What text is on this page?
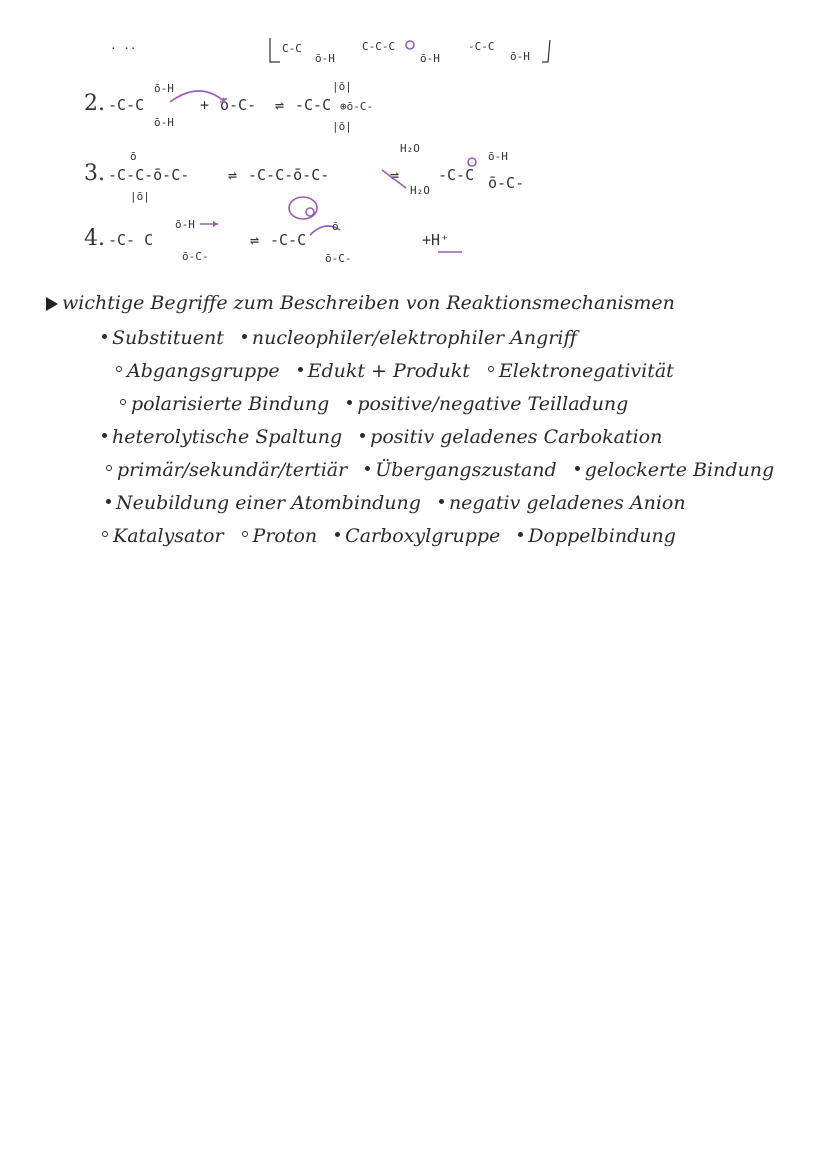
· ··	C-C
ō-H
C-C-C
ō-H
-C-C
ō-H
2. -C-C
ō-H
ō-H
+ ō-C- ⇌ -C-C ⊕ō-C-
|ō|
|ō|
3. -C-C-ō-C-
ō
|ō|
⇌ -C-C-ō-C-
H₂O
⇌
H₂O
-C-C
ō-H
ō-C-
4. -C- C
ō-H
ō-C-
⇌ -C-C
ō
ō-C-
+H⁺
wichtige Begriffe zum Beschreiben von Reaktionsmechanismen
Substituent nucleophiler/elektrophiler Angriff
Abgangsgruppe Edukt + Produkt Elektronegativität
polarisierte Bindung positive/negative Teilladung
heterolytische Spaltung positiv geladenes Carbokation
primär/sekundär/tertiär Übergangszustand gelockerte Bindung
Neubildung einer Atombindung negativ geladenes Anion
Katalysator Proton Carboxylgruppe Doppelbindung
